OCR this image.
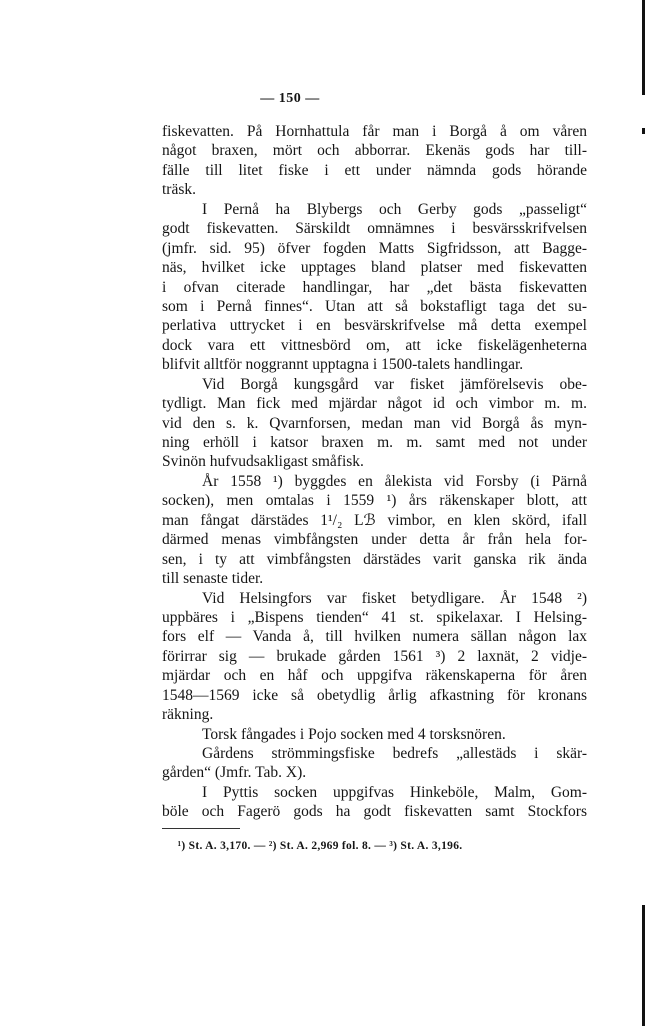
— 150 —
fiskevatten. På Hornhattula får man i Borgå å om våren
något braxen, mört och abborrar. Ekenäs gods har till-
fälle till litet fiske i ett under nämnda gods hörande
träsk.
I Pernå ha Blybergs och Gerby gods „passeligt“
godt fiskevatten. Särskildt omnämnes i besvärsskrifvelsen
(jmfr. sid. 95) öfver fogden Matts Sigfridsson, att Bagge-
näs, hvilket icke upptages bland platser med fiskevatten
i ofvan citerade handlingar, har „det bästa fiskevatten
som i Pernå finnes“. Utan att så bokstafligt taga det su-
perlativa uttrycket i en besvärskrifvelse må detta exempel
dock vara ett vittnesbörd om, att icke fiskelägenheterna
blifvit alltför noggrannt upptagna i 1500-talets handlingar.
Vid Borgå kungsgård var fisket jämförelsevis obe-
tydligt. Man fick med mjärdar något id och vimbor m. m.
vid den s. k. Qvarnforsen, medan man vid Borgå ås myn-
ning erhöll i katsor braxen m. m. samt med not under
Svinön hufvudsakligast småfisk.
År 1558 ¹) byggdes en ålekista vid Forsby (i Pärnå
socken), men omtalas i 1559 ¹) års räkenskaper blott, att
man fångat därstädes 1¹/₂ Lℬ vimbor, en klen skörd, ifall
därmed menas vimbfångsten under detta år från hela for-
sen, i ty att vimbfångsten därstädes varit ganska rik ända
till senaste tider.
Vid Helsingfors var fisket betydligare. År 1548 ²)
uppbäres i „Bispens tienden“ 41 st. spikelaxar. I Helsing-
fors elf — Vanda å, till hvilken numera sällan någon lax
förirrar sig — brukade gården 1561 ³) 2 laxnät, 2 vidje-
mjärdar och en håf och uppgifva räkenskaperna för åren
1548—1569 icke så obetydlig årlig afkastning för kronans
räkning.
Torsk fångades i Pojo socken med 4 torsksnören.
Gårdens strömmingsfiske bedrefs „allestäds i skär-
gården“ (Jmfr. Tab. X).
I Pyttis socken uppgifvas Hinkeböle, Malm, Gom-
böle och Fagerö gods ha godt fiskevatten samt Stockfors
¹) St. A. 3,170. — ²) St. A. 2,969 fol. 8. — ³) St. A. 3,196.
